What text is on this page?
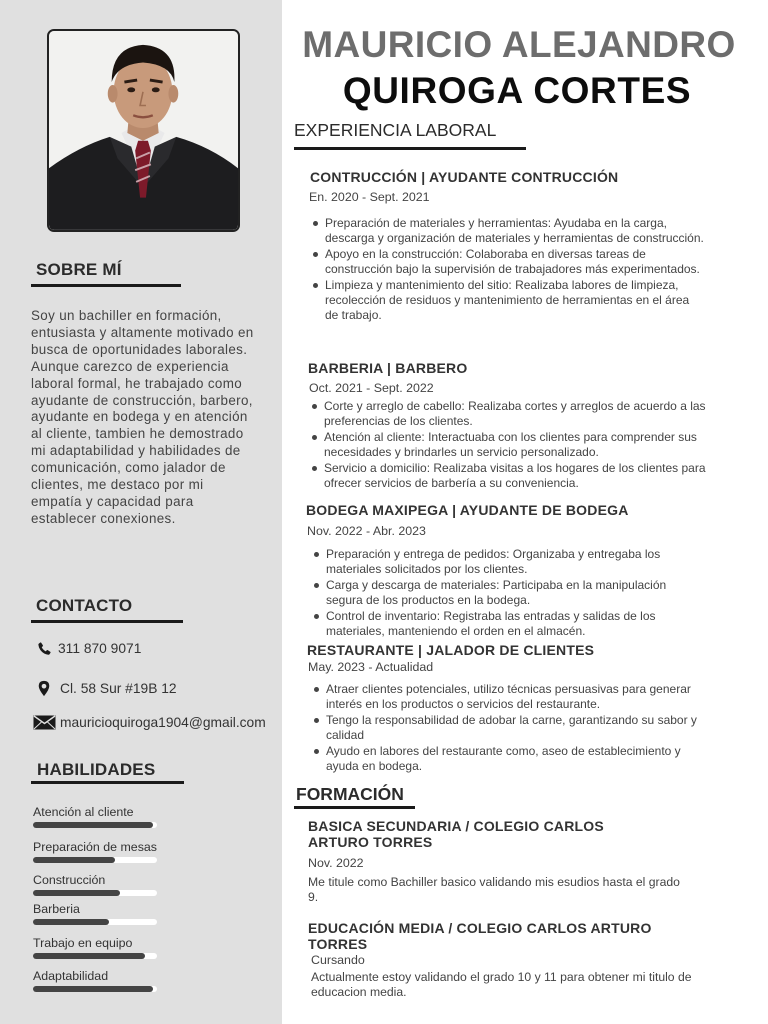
SOBRE MÍ
Soy un bachiller en formación, entusiasta y altamente motivado en busca de oportunidades laborales. Aunque carezco de experiencia laboral formal, he trabajado como ayudante de construcción, barbero, ayudante en bodega y en atención al cliente, tambien he demostrado mi adaptabilidad y habilidades de comunicación, como jalador de clientes, me destaco por mi empatía y capacidad para establecer conexiones.
CONTACTO
311 870 9071
Cl. 58 Sur #19B 12
mauricioquiroga1904@gmail.com
HABILIDADES
Atención al cliente
Preparación de mesas
Construcción
Barberia
Trabajo en equipo
Adaptabilidad
MAURICIO ALEJANDRO
QUIROGA CORTES
EXPERIENCIA LABORAL
CONTRUCCIÓN | AYUDANTE CONTRUCCIÓN
En. 2020 - Sept. 2021
Preparación de materiales y herramientas: Ayudaba en la carga, descarga y organización de materiales y herramientas de construcción.
Apoyo en la construcción: Colaboraba en diversas tareas de construcción bajo la supervisión de trabajadores más experimentados.
Limpieza y mantenimiento del sitio: Realizaba labores de limpieza, recolección de residuos y mantenimiento de herramientas en el área de trabajo.
BARBERIA | BARBERO
Oct. 2021 - Sept. 2022
Corte y arreglo de cabello: Realizaba cortes y arreglos de acuerdo a las preferencias de los clientes.
Atención al cliente: Interactuaba con los clientes para comprender sus necesidades y brindarles un servicio personalizado.
Servicio a domicilio: Realizaba visitas a los hogares de los clientes para ofrecer servicios de barbería a su conveniencia.
BODEGA MAXIPEGA | AYUDANTE DE BODEGA
Nov. 2022 - Abr. 2023
Preparación y entrega de pedidos: Organizaba y entregaba los materiales solicitados por los clientes.
Carga y descarga de materiales: Participaba en la manipulación segura de los productos en la bodega.
Control de inventario: Registraba las entradas y salidas de los materiales, manteniendo el orden en el almacén.
RESTAURANTE | JALADOR DE CLIENTES
May. 2023 - Actualidad
Atraer clientes potenciales, utilizo técnicas persuasivas para generar interés en los productos o servicios del restaurante.
Tengo la responsabilidad de adobar la carne, garantizando su sabor y calidad
Ayudo en labores del restaurante como, aseo de establecimiento y ayuda en bodega.
FORMACIÓN
BASICA SECUNDARIA / COLEGIO CARLOS ARTURO TORRES
Nov. 2022
Me titule como Bachiller basico validando mis esudios hasta el grado 9.
EDUCACIÓN MEDIA / COLEGIO CARLOS ARTURO TORRES
Cursando
Actualmente estoy validando el grado 10 y 11 para obtener mi titulo de educacion media.
